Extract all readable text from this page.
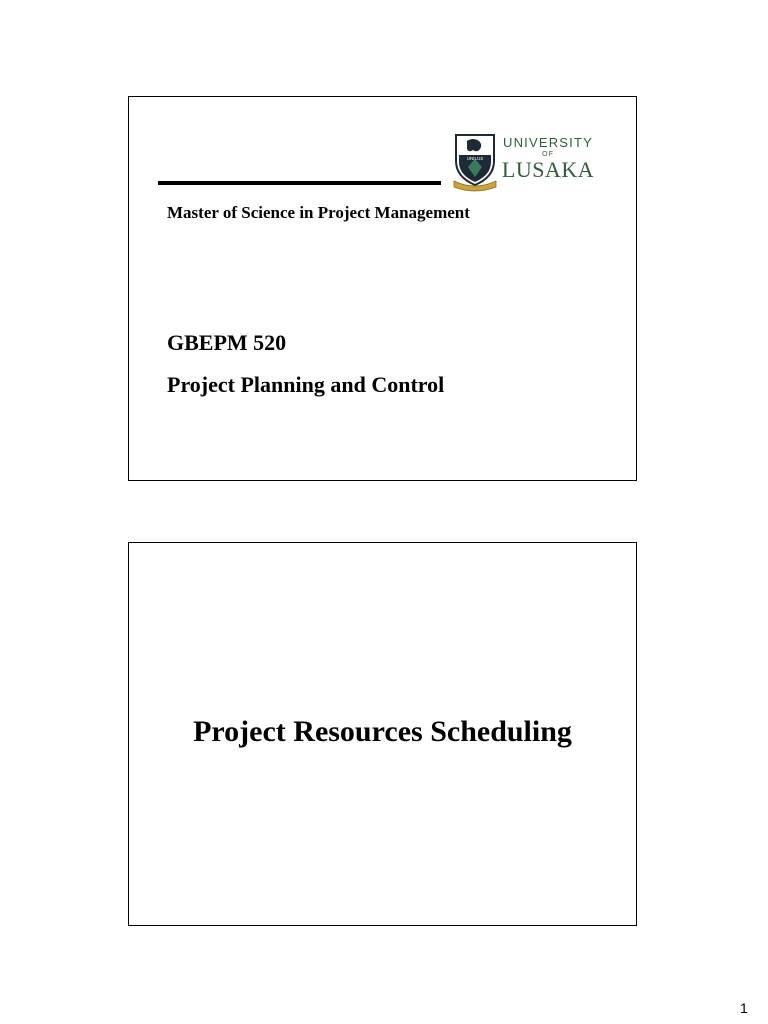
UNILUS
UNIVERSITY
OF
LUSAKA
Master of Science in Project Management
GBEPM 520
Project Planning and Control
Project Resources Scheduling
1
